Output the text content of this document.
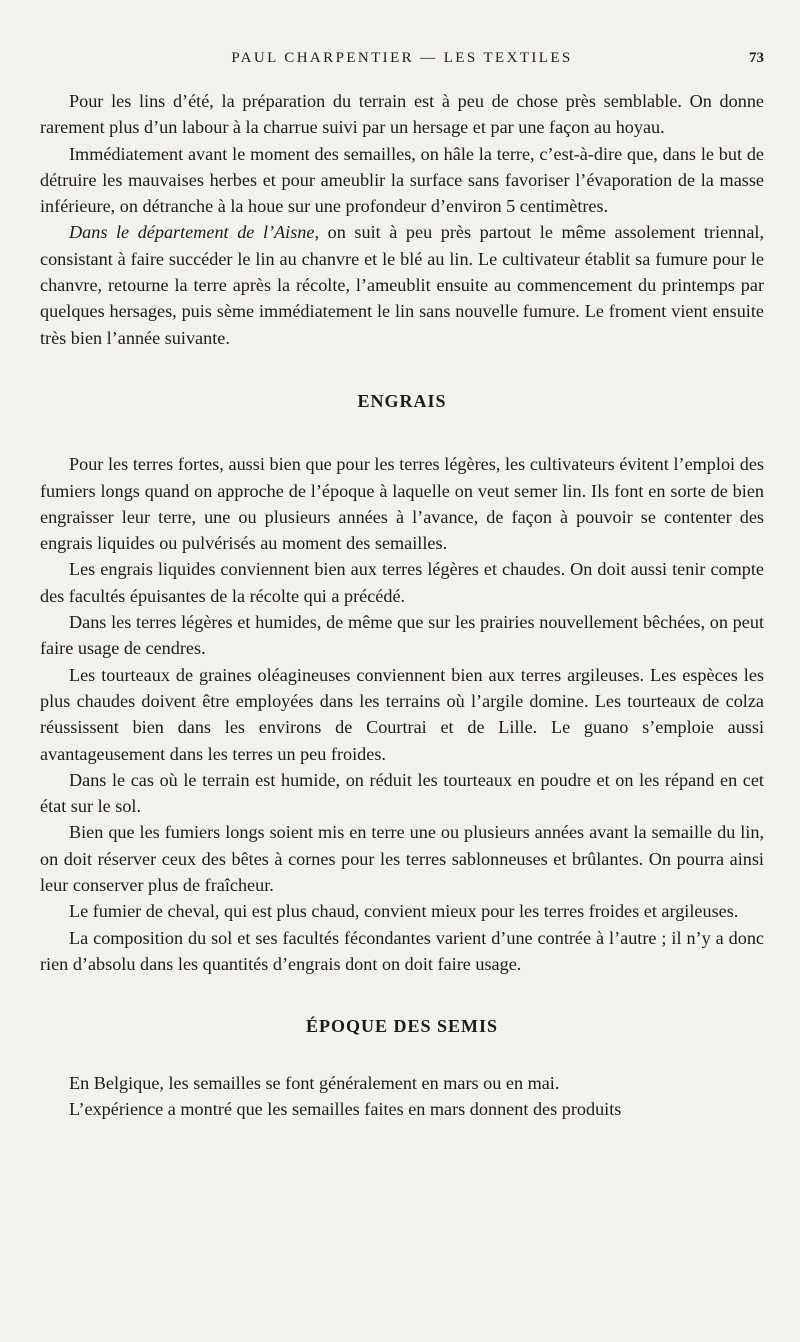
PAUL CHARPENTIER — LES TEXTILES	73

Pour les lins d’été, la préparation du terrain est à peu de chose près semblable. On donne rarement plus d’un labour à la charrue suivi par un hersage et par une façon au hoyau.

Immédiatement avant le moment des semailles, on hâle la terre, c’est-à-dire que, dans le but de détruire les mauvaises herbes et pour ameublir la surface sans favoriser l’évaporation de la masse inférieure, on détranche à la houe sur une profondeur d’environ 5 centimètres.

Dans le département de l’Aisne, on suit à peu près partout le même assolement triennal, consistant à faire succéder le lin au chanvre et le blé au lin. Le cultivateur établit sa fumure pour le chanvre, retourne la terre après la récolte, l’ameublit ensuite au commencement du printemps par quelques hersages, puis sème immédiatement le lin sans nouvelle fumure. Le froment vient ensuite très bien l’année suivante.

ENGRAIS

Pour les terres fortes, aussi bien que pour les terres légères, les cultivateurs évitent l’emploi des fumiers longs quand on approche de l’époque à laquelle on veut semer lin. Ils font en sorte de bien engraisser leur terre, une ou plusieurs années à l’avance, de façon à pouvoir se contenter des engrais liquides ou pulvérisés au moment des semailles.

Les engrais liquides conviennent bien aux terres légères et chaudes. On doit aussi tenir compte des facultés épuisantes de la récolte qui a précédé.

Dans les terres légères et humides, de même que sur les prairies nouvellement bêchées, on peut faire usage de cendres.

Les tourteaux de graines oléagineuses conviennent bien aux terres argileuses. Les espèces les plus chaudes doivent être employées dans les terrains où l’argile domine. Les tourteaux de colza réussissent bien dans les environs de Courtrai et de Lille. Le guano s’emploie aussi avantageusement dans les terres un peu froides.

Dans le cas où le terrain est humide, on réduit les tourteaux en poudre et on les répand en cet état sur le sol.

Bien que les fumiers longs soient mis en terre une ou plusieurs années avant la semaille du lin, on doit réserver ceux des bêtes à cornes pour les terres sablonneuses et brûlantes. On pourra ainsi leur conserver plus de fraîcheur.

Le fumier de cheval, qui est plus chaud, convient mieux pour les terres froides et argileuses.

La composition du sol et ses facultés fécondantes varient d’une contrée à l’autre ; il n’y a donc rien d’absolu dans les quantités d’engrais dont on doit faire usage.

ÉPOQUE DES SEMIS

En Belgique, les semailles se font généralement en mars ou en mai.

L’expérience a montré que les semailles faites en mars donnent des produits
